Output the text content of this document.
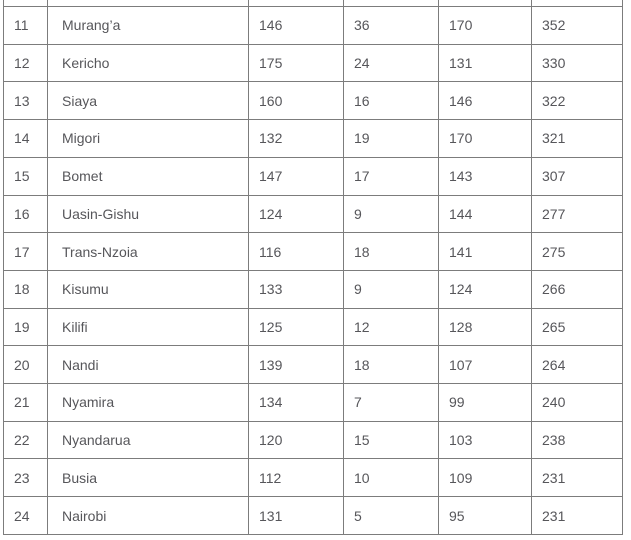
11	Murang’a	146	36	170	352
12	Kericho	175	24	131	330
13	Siaya	160	16	146	322
14	Migori	132	19	170	321
15	Bomet	147	17	143	307
16	Uasin-Gishu	124	9	144	277
17	Trans-Nzoia	116	18	141	275
18	Kisumu	133	9	124	266
19	Kilifi	125	12	128	265
20	Nandi	139	18	107	264
21	Nyamira	134	7	99	240
22	Nyandarua	120	15	103	238
23	Busia	112	10	109	231
24	Nairobi	131	5	95	231
